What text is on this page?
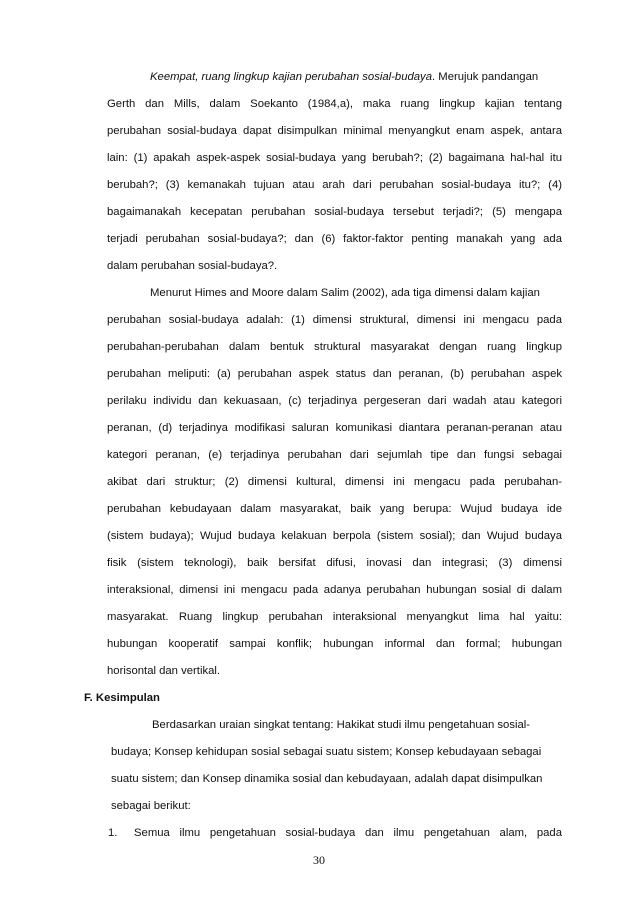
Keempat, ruang lingkup kajian perubahan sosial-budaya. Merujuk pandangan
Gerth dan Mills, dalam Soekanto (1984,a), maka ruang lingkup kajian tentang
perubahan sosial-budaya dapat disimpulkan minimal menyangkut enam aspek, antara
lain: (1) apakah aspek-aspek sosial-budaya yang berubah?; (2) bagaimana hal-hal itu
berubah?; (3) kemanakah tujuan atau arah dari perubahan sosial-budaya itu?; (4)
bagaimanakah kecepatan perubahan sosial-budaya tersebut terjadi?; (5) mengapa
terjadi perubahan sosial-budaya?; dan (6) faktor-faktor penting manakah yang ada
dalam perubahan sosial-budaya?.
Menurut Himes and Moore dalam Salim (2002), ada tiga dimensi dalam kajian
perubahan sosial-budaya adalah: (1) dimensi struktural, dimensi ini mengacu pada
perubahan-perubahan dalam bentuk struktural masyarakat dengan ruang lingkup
perubahan meliputi: (a) perubahan aspek status dan peranan, (b) perubahan aspek
perilaku individu dan kekuasaan, (c) terjadinya pergeseran dari wadah atau kategori
peranan, (d) terjadinya modifikasi saluran komunikasi diantara peranan-peranan atau
kategori peranan, (e) terjadinya perubahan dari sejumlah tipe dan fungsi sebagai
akibat dari struktur; (2) dimensi kultural, dimensi ini mengacu pada perubahan-
perubahan kebudayaan dalam masyarakat, baik yang berupa: Wujud budaya ide
(sistem budaya); Wujud budaya kelakuan berpola (sistem sosial); dan Wujud budaya
fisik (sistem teknologi), baik bersifat difusi, inovasi dan integrasi; (3) dimensi
interaksional, dimensi ini mengacu pada adanya perubahan hubungan sosial di dalam
masyarakat. Ruang lingkup perubahan interaksional menyangkut lima hal yaitu:
hubungan kooperatif sampai konflik; hubungan informal dan formal; hubungan
horisontal dan vertikal.
F. Kesimpulan
Berdasarkan uraian singkat tentang: Hakikat studi ilmu pengetahuan sosial-
budaya; Konsep kehidupan sosial sebagai suatu sistem; Konsep kebudayaan sebagai
suatu sistem; dan Konsep dinamika sosial dan kebudayaan, adalah dapat disimpulkan
sebagai berikut:
1. Semua ilmu pengetahuan sosial-budaya dan ilmu pengetahuan alam, pada
30
